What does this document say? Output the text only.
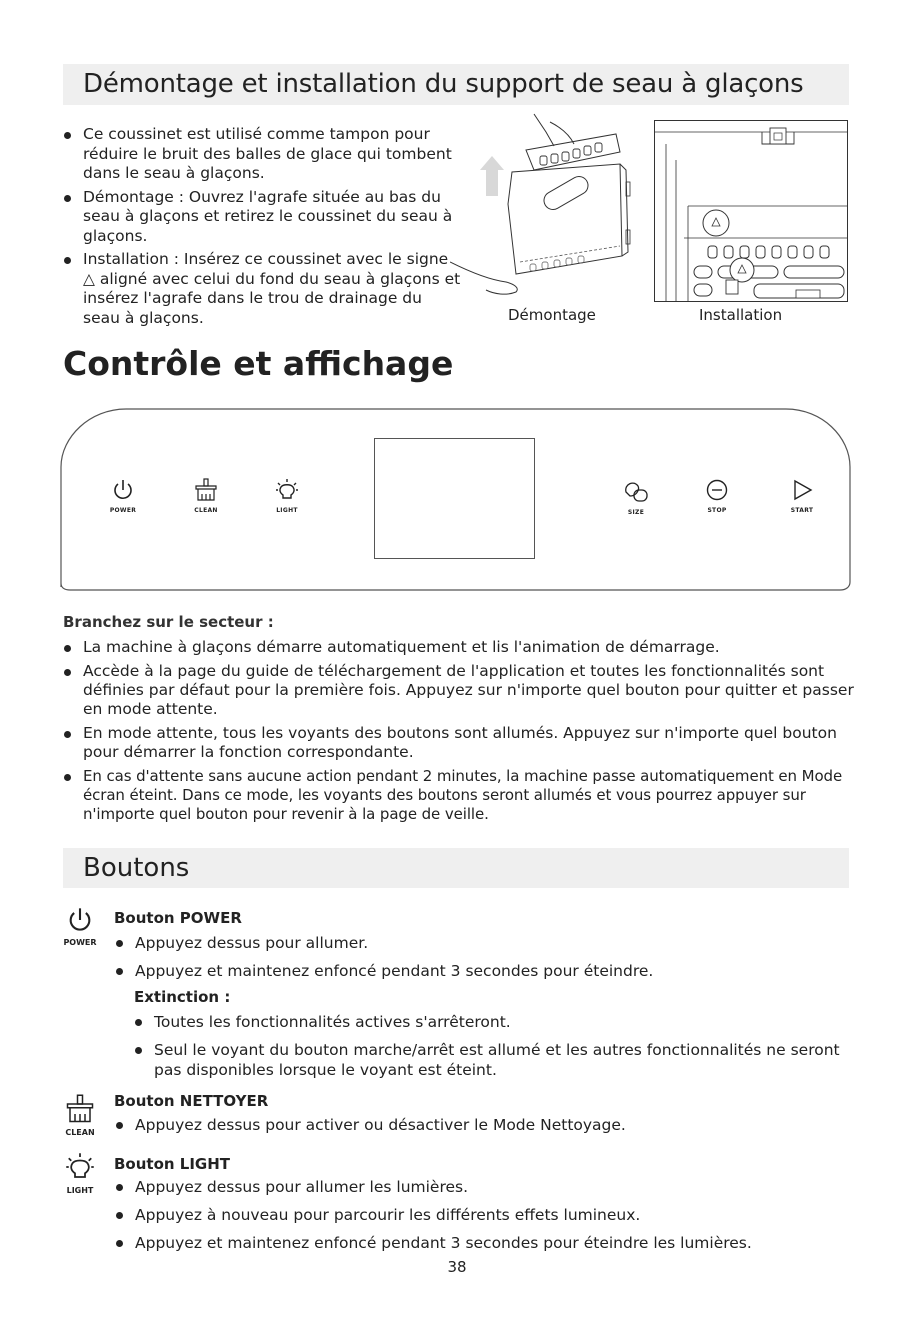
Démontage et installation du support de seau à glaçons
Ce coussinet est utilisé comme tampon pour réduire le bruit des balles de glace qui tombent dans le seau à glaçons.
Démontage : Ouvrez l'agrafe située au bas du seau à glaçons et retirez le coussinet du seau à glaçons.
Installation : Insérez ce coussinet avec le signe △ aligné avec celui du fond du seau à glaçons et insérez l'agrafe dans le trou de drainage du seau à glaçons.	Démontage	Installation
Contrôle et affichage
POWER	CLEAN	LIGHT	SIZE	STOP	START

Branchez sur le secteur :

La machine à glaçons démarre automatiquement et lis l'animation de démarrage.
Accède à la page du guide de téléchargement de l'application et toutes les fonctionnalités sont définies par défaut pour la première fois. Appuyez sur n'importe quel bouton pour quitter et passer en mode attente.
En mode attente, tous les voyants des boutons sont allumés. Appuyez sur n'importe quel bouton pour démarrer la fonction correspondante.
En cas d'attente sans aucune action pendant 2 minutes, la machine passe automatiquement en Mode écran éteint. Dans ce mode, les voyants des boutons seront allumés et vous pourrez appuyer sur n'importe quel bouton pour revenir à la page de veille.
Boutons
POWER

Bouton POWER

Appuyez dessus pour allumer.
Appuyez et maintenez enfoncé pendant 3 secondes pour éteindre.

Extinction :

Toutes les fonctionnalités actives s'arrêteront.
Seul le voyant du bouton marche/arrêt est allumé et les autres fonctionnalités ne seront pas disponibles lorsque le voyant est éteint.
CLEAN

Bouton NETTOYER

Appuyez dessus pour activer ou désactiver le Mode Nettoyage.
LIGHT

Bouton LIGHT

Appuyez dessus pour allumer les lumières.
Appuyez à nouveau pour parcourir les différents effets lumineux.
Appuyez et maintenez enfoncé pendant 3 secondes pour éteindre les lumières.
38
